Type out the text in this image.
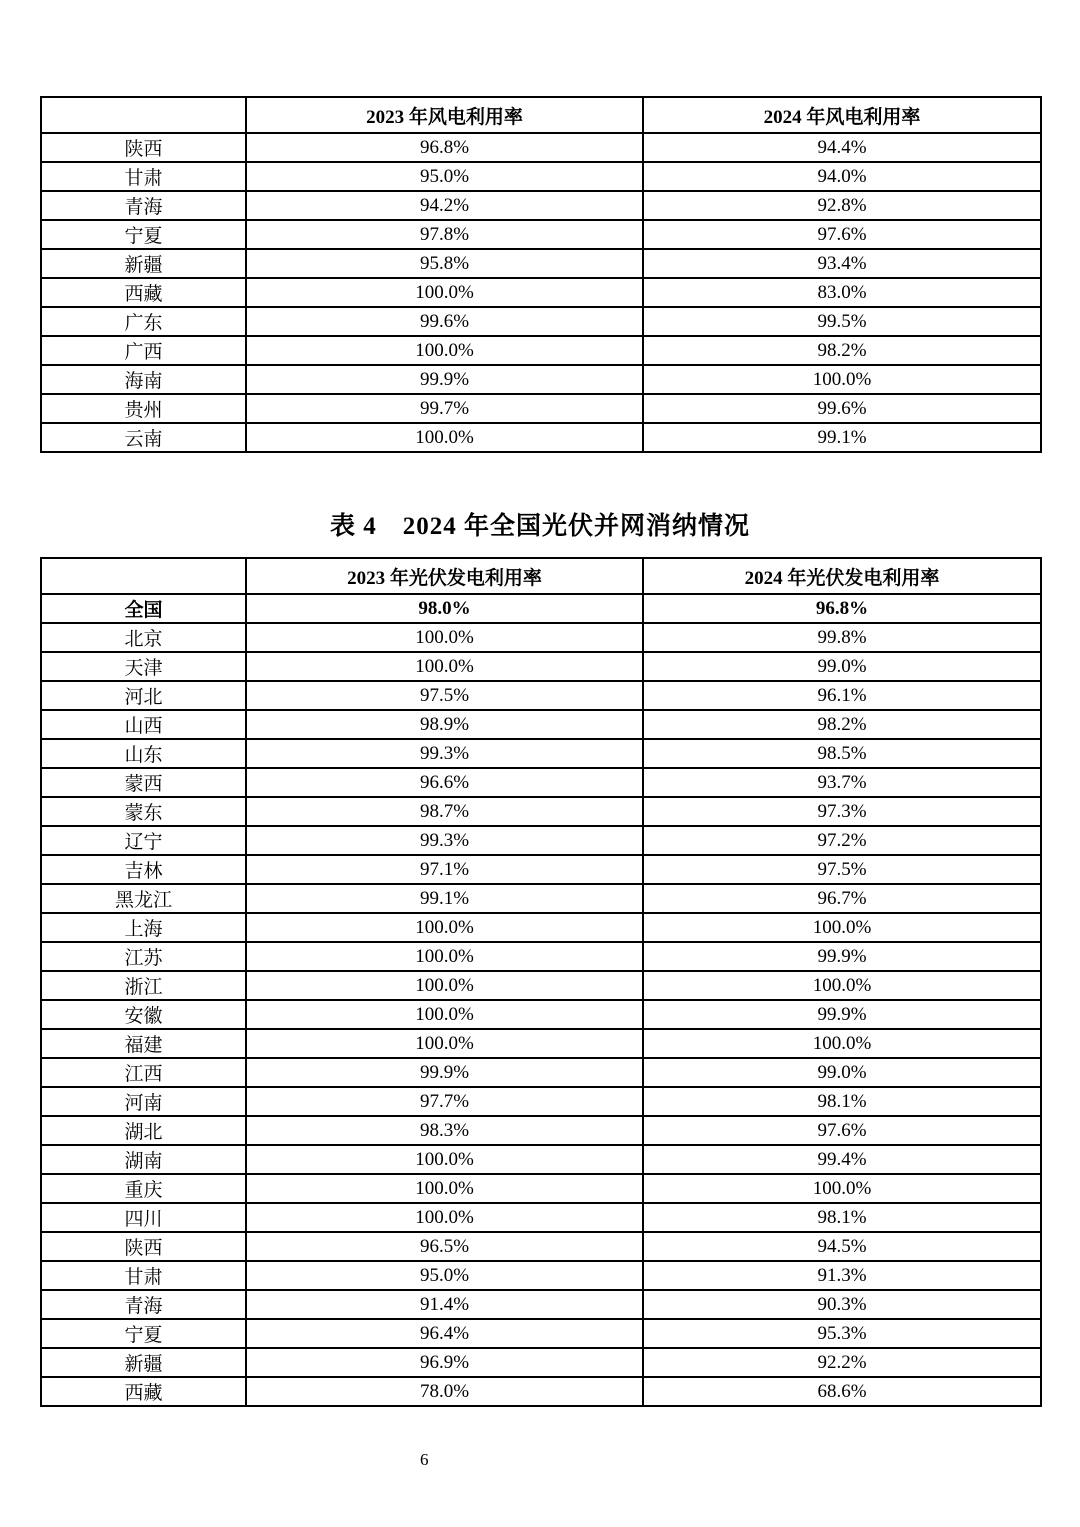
	2023 年风电利用率	2024 年风电利用率
陕西	96.8%	94.4%
甘肃	95.0%	94.0%
青海	94.2%	92.8%
宁夏	97.8%	97.6%
新疆	95.8%	93.4%
西藏	100.0%	83.0%
广东	99.6%	99.5%
广西	100.0%	98.2%
海南	99.9%	100.0%
贵州	99.7%	99.6%
云南	100.0%	99.1%
表 4　2024 年全国光伏并网消纳情况
	2023 年光伏发电利用率	2024 年光伏发电利用率
全国	98.0%	96.8%
北京	100.0%	99.8%
天津	100.0%	99.0%
河北	97.5%	96.1%
山西	98.9%	98.2%
山东	99.3%	98.5%
蒙西	96.6%	93.7%
蒙东	98.7%	97.3%
辽宁	99.3%	97.2%
吉林	97.1%	97.5%
黑龙江	99.1%	96.7%
上海	100.0%	100.0%
江苏	100.0%	99.9%
浙江	100.0%	100.0%
安徽	100.0%	99.9%
福建	100.0%	100.0%
江西	99.9%	99.0%
河南	97.7%	98.1%
湖北	98.3%	97.6%
湖南	100.0%	99.4%
重庆	100.0%	100.0%
四川	100.0%	98.1%
陕西	96.5%	94.5%
甘肃	95.0%	91.3%
青海	91.4%	90.3%
宁夏	96.4%	95.3%
新疆	96.9%	92.2%
西藏	78.0%	68.6%
6
